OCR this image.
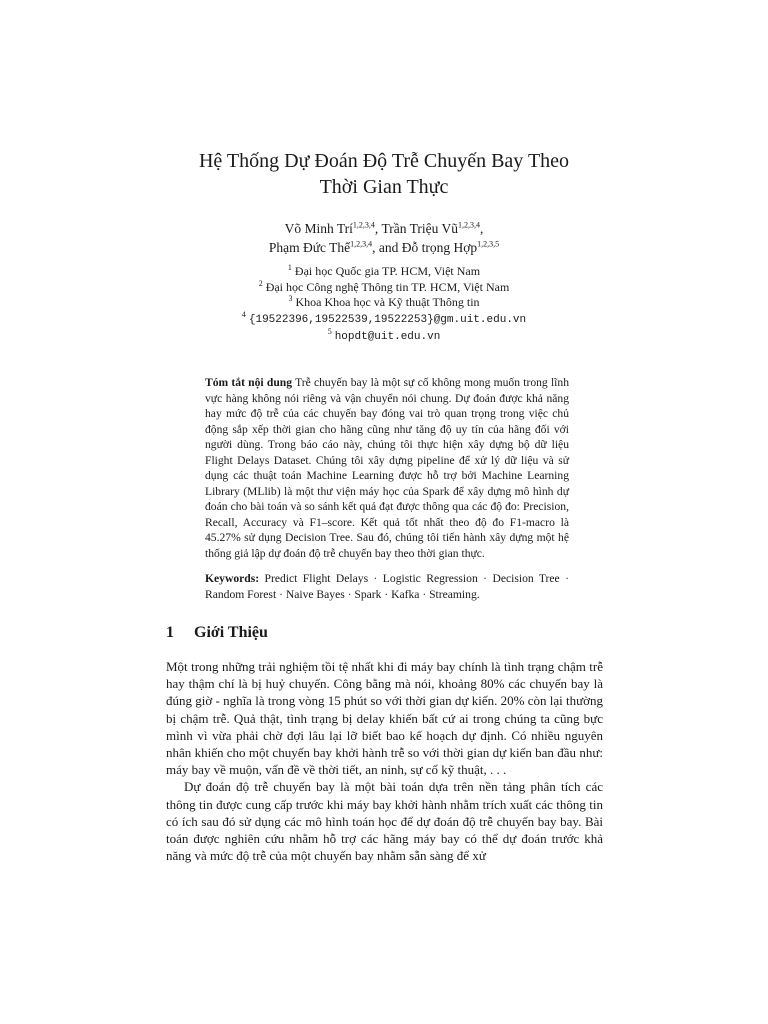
Hệ Thống Dự Đoán Độ Trễ Chuyến Bay Theo
Thời Gian Thực
Võ Minh Trí$^{1,2,3,4}$, Trần Triệu Vũ$^{1,2,3,4}$,
Phạm Đức Thể$^{1,2,3,4}$, and Đỗ trọng Hợp$^{1,2,3,5}$
$^1$ Đại học Quốc gia TP. HCM, Việt Nam
$^2$ Đại học Công nghệ Thông tin TP. HCM, Việt Nam
$^3$ Khoa Khoa học và Kỹ thuật Thông tin
$^4$ {19522396,19522539,19522253}@gm.uit.edu.vn
$^5$ hopdt@uit.edu.vn
Tóm tắt nội dung Trễ chuyến bay là một sự cố không mong muốn trong lĩnh vực hàng không nói riêng và vận chuyển nói chung. Dự đoán được khả năng hay mức độ trễ của các chuyến bay đóng vai trò quan trọng trong việc chủ động sắp xếp thời gian cho hãng cũng như tăng độ uy tín của hãng đối với người dùng. Trong báo cáo này, chúng tôi thực hiện xây dựng bộ dữ liệu Flight Delays Dataset. Chúng tôi xây dựng pipeline để xử lý dữ liệu và sử dụng các thuật toán Machine Learning được hỗ trợ bởi Machine Learning Library (MLlib) là một thư viện máy học của Spark để xây dựng mô hình dự đoán cho bài toán và so sánh kết quả đạt được thông qua các độ đo: Precision, Recall, Accuracy và F1–score. Kết quả tốt nhất theo độ đo F1-macro là 45.27% sử dụng Decision Tree. Sau đó, chúng tôi tiến hành xây dựng một hệ thống giả lập dự đoán độ trễ chuyến bay theo thời gian thực.
Keywords: Predict Flight Delays · Logistic Regression · Decision Tree · Random Forest · Naive Bayes · Spark · Kafka · Streaming.
1 Giới Thiệu

Một trong những trải nghiệm tồi tệ nhất khi đi máy bay chính là tình trạng chậm trễ hay thậm chí là bị huỷ chuyến. Công bằng mà nói, khoảng 80% các chuyến bay là đúng giờ - nghĩa là trong vòng 15 phút so với thời gian dự kiến. 20% còn lại thường bị chậm trễ. Quả thật, tình trạng bị delay khiến bất cứ ai trong chúng ta cũng bực mình vì vừa phải chờ đợi lâu lại lỡ biết bao kế hoạch dự định. Có nhiều nguyên nhân khiến cho một chuyến bay khởi hành trễ so với thời gian dự kiến ban đầu như: máy bay về muộn, vấn đề về thời tiết, an ninh, sự cố kỹ thuật, . . .

Dự đoán độ trễ chuyến bay là một bài toán dựa trên nền tảng phân tích các thông tin được cung cấp trước khi máy bay khởi hành nhằm trích xuất các thông tin có ích sau đó sử dụng các mô hình toán học để dự đoán độ trễ chuyến bay bay. Bài toán được nghiên cứu nhằm hỗ trợ các hãng máy bay có thể dự đoán trước khả năng và mức độ trễ của một chuyến bay nhằm sẵn sàng để xử
